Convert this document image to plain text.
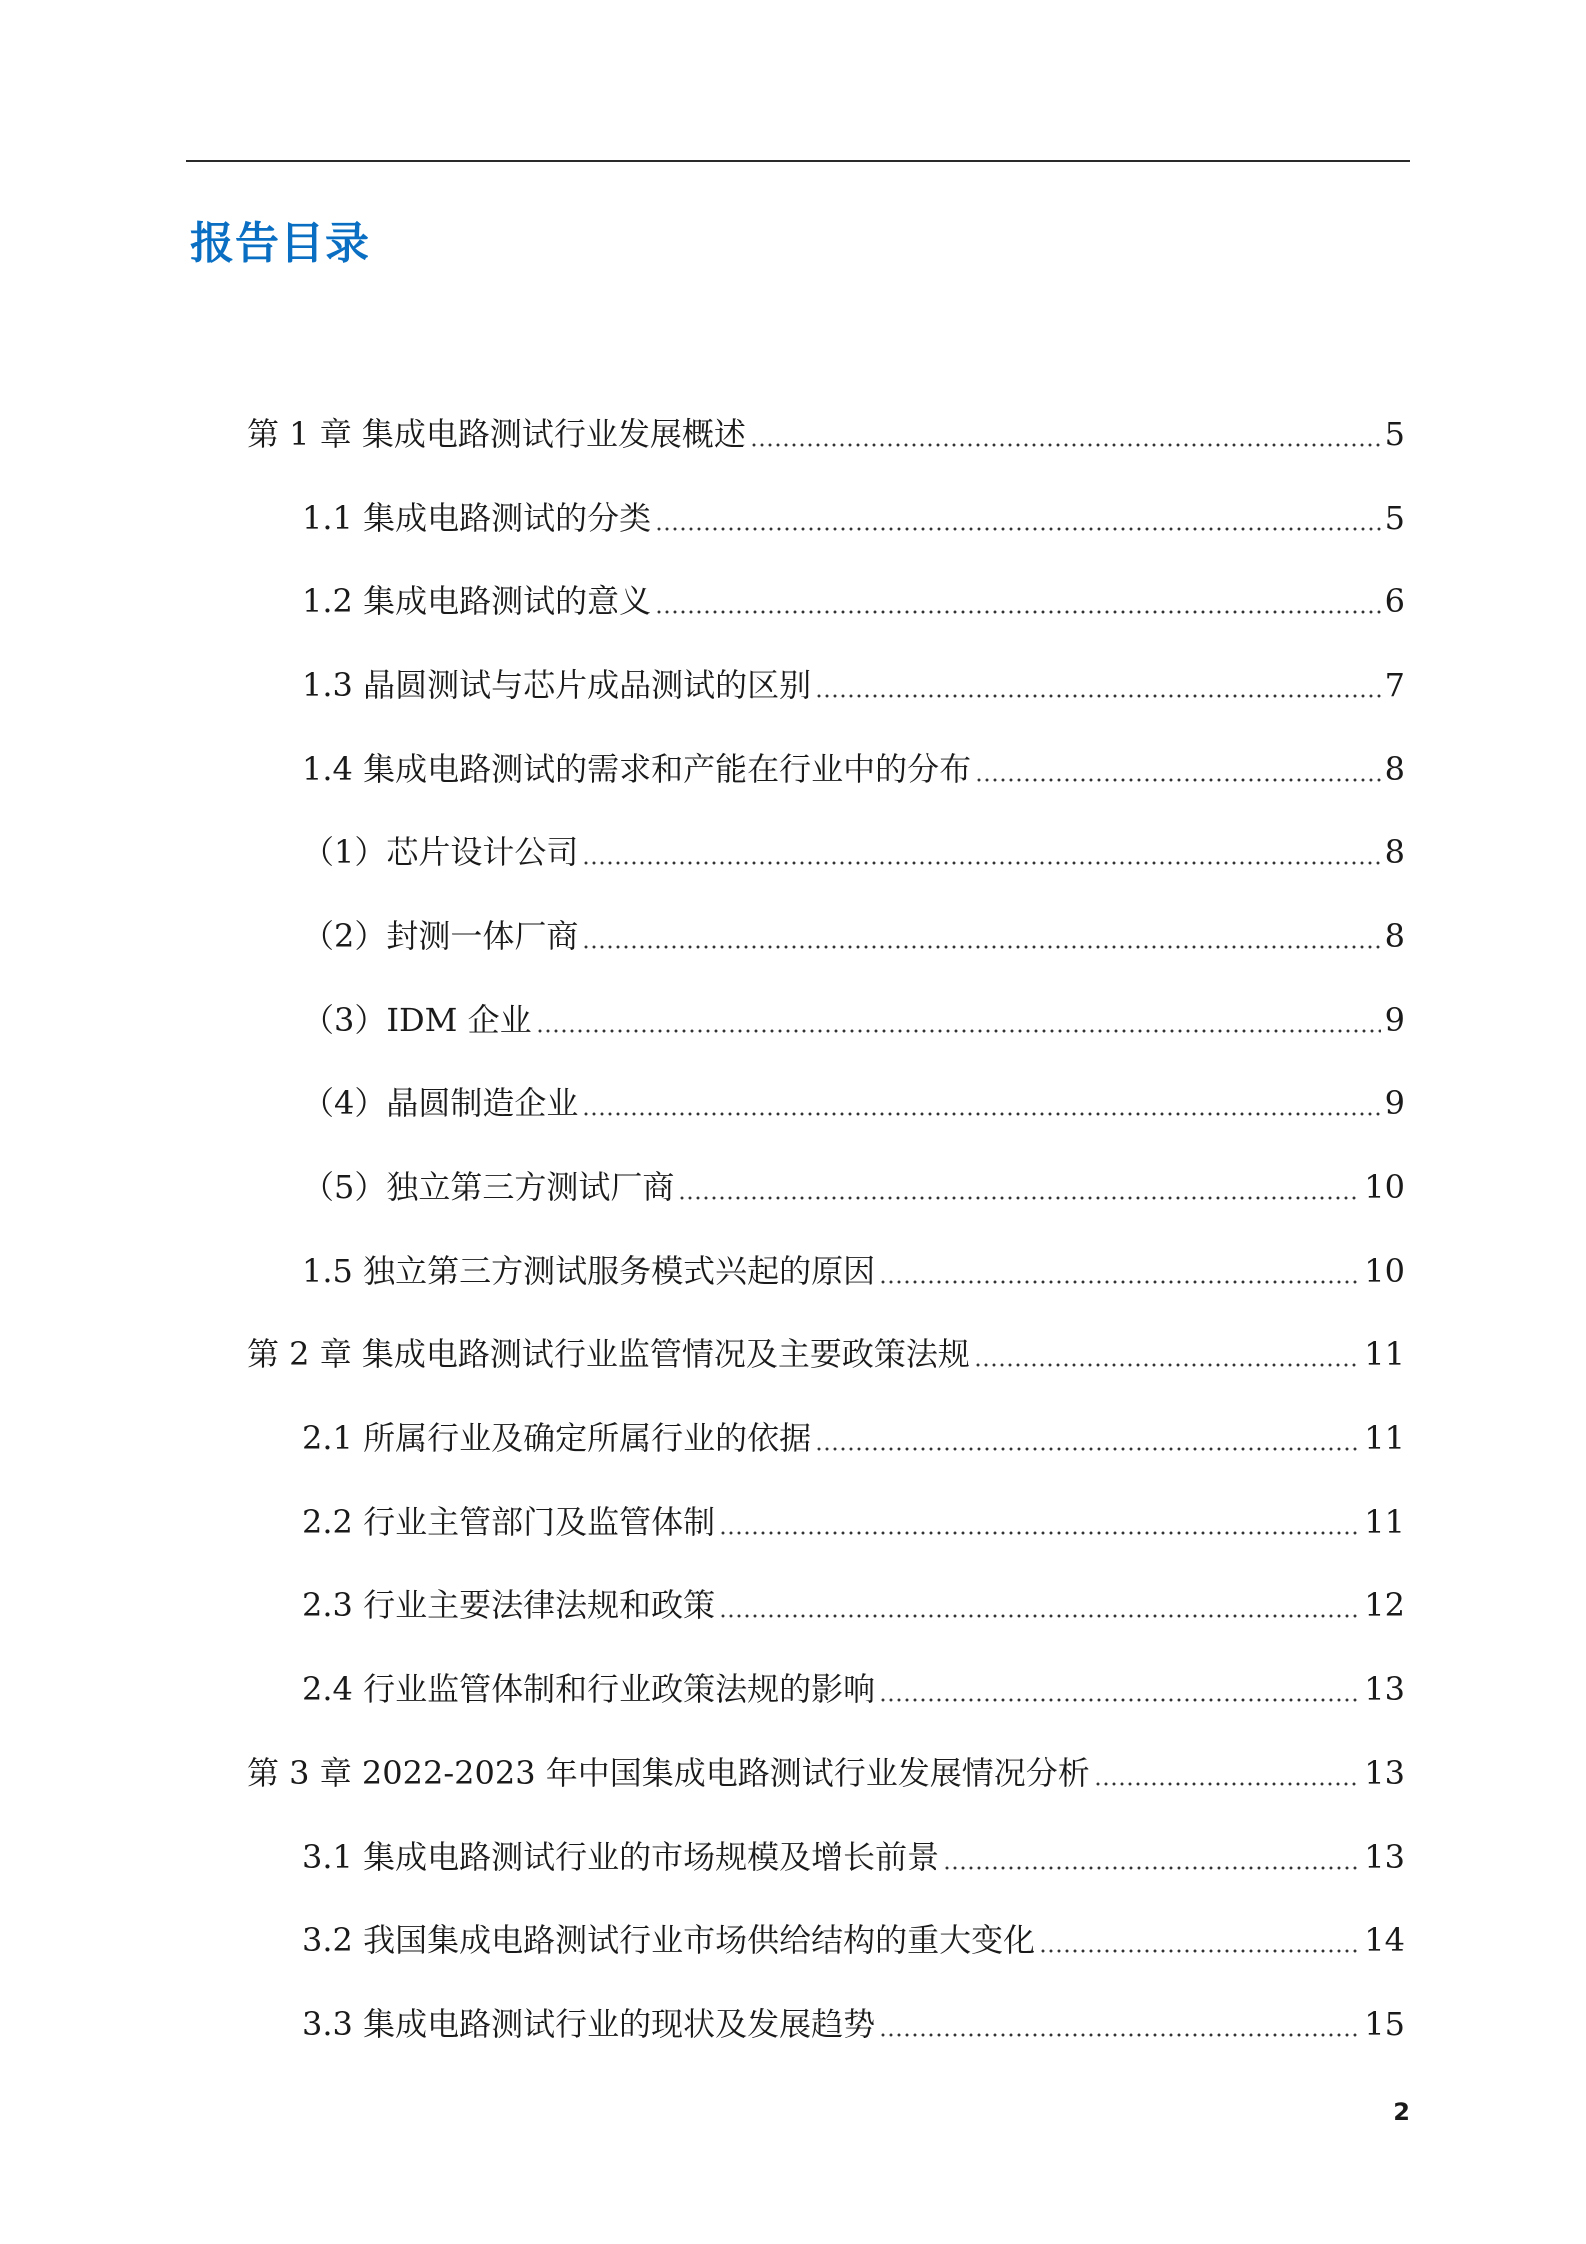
报告目录
第 1 章 集成电路测试行业发展概述	5
1.1 集成电路测试的分类	5
1.2 集成电路测试的意义	6
1.3 晶圆测试与芯片成品测试的区别	7
1.4 集成电路测试的需求和产能在行业中的分布	8
（1）芯片设计公司	8
（2）封测一体厂商	8
（3）IDM 企业	9
（4）晶圆制造企业	9
（5）独立第三方测试厂商	10
1.5 独立第三方测试服务模式兴起的原因	10
第 2 章 集成电路测试行业监管情况及主要政策法规	11
2.1 所属行业及确定所属行业的依据	11
2.2 行业主管部门及监管体制	11
2.3 行业主要法律法规和政策	12
2.4 行业监管体制和行业政策法规的影响	13
第 3 章 2022-2023 年中国集成电路测试行业发展情况分析	13
3.1 集成电路测试行业的市场规模及增长前景	13
3.2 我国集成电路测试行业市场供给结构的重大变化	14
3.3 集成电路测试行业的现状及发展趋势	15
2
